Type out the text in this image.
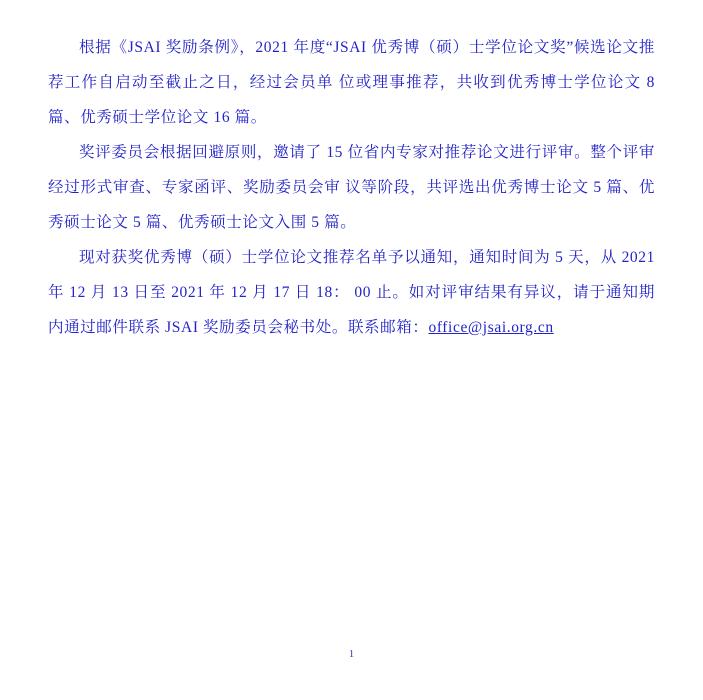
根据《JSAI 奖励条例》，2021 年度“JSAI 优秀博（硕）士学位论文奖”候选论文推荐工作自启动至截止之日，经过会员单 位或理事推荐，共收到优秀博士学位论文 8 篇、优秀硕士学位论文 16 篇。

奖评委员会根据回避原则，邀请了 15 位省内专家对推荐论文进行评审。整个评审经过形式审查、专家函评、奖励委员会审 议等阶段，共评选出优秀博士论文 5 篇、优秀硕士论文 5 篇、优秀硕士论文入围 5 篇。

现对获奖优秀博（硕）士学位论文推荐名单予以通知，通知时间为 5 天，从 2021 年 12 月 13 日至 2021 年 12 月 17 日 18： 00 止。如对评审结果有异议，请于通知期内通过邮件联系 JSAI 奖励委员会秘书处。联系邮箱：office@jsai.org.cn

1
